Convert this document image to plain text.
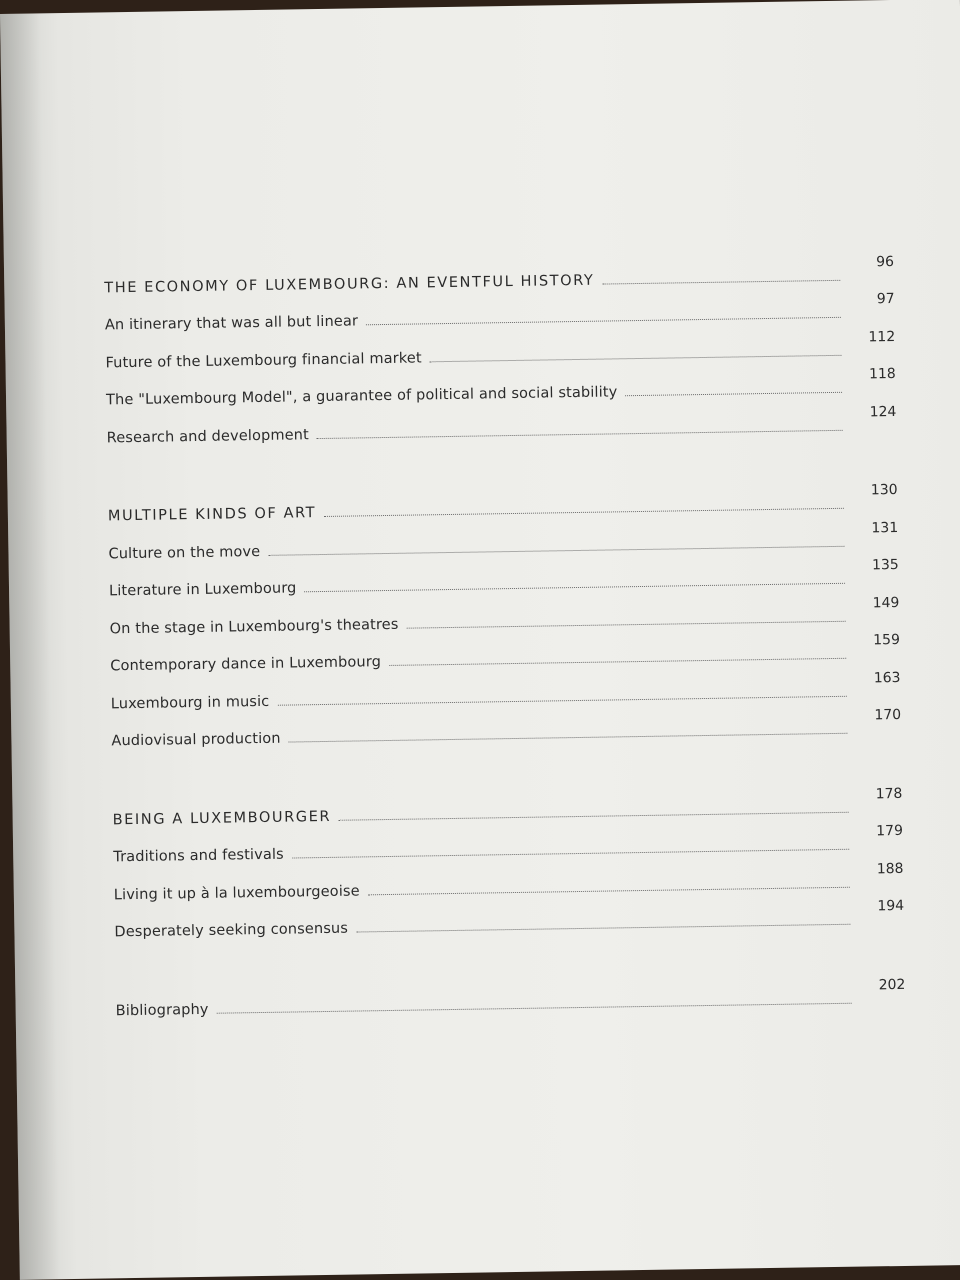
THE ECONOMY OF LUXEMBOURG: AN EVENTFUL HISTORY
96
An itinerary that was all but linear
97
Future of the Luxembourg financial market
112
The "Luxembourg Model", a guarantee of political and social stability
118
Research and development
124
MULTIPLE KINDS OF ART
130
Culture on the move
131
Literature in Luxembourg
135
On the stage in Luxembourg's theatres
149
Contemporary dance in Luxembourg
159
Luxembourg in music
163
Audiovisual production
170
BEING A LUXEMBOURGER
178
Traditions and festivals
179
Living it up à la luxembourgeoise
188
Desperately seeking consensus
194
Bibliography
202
